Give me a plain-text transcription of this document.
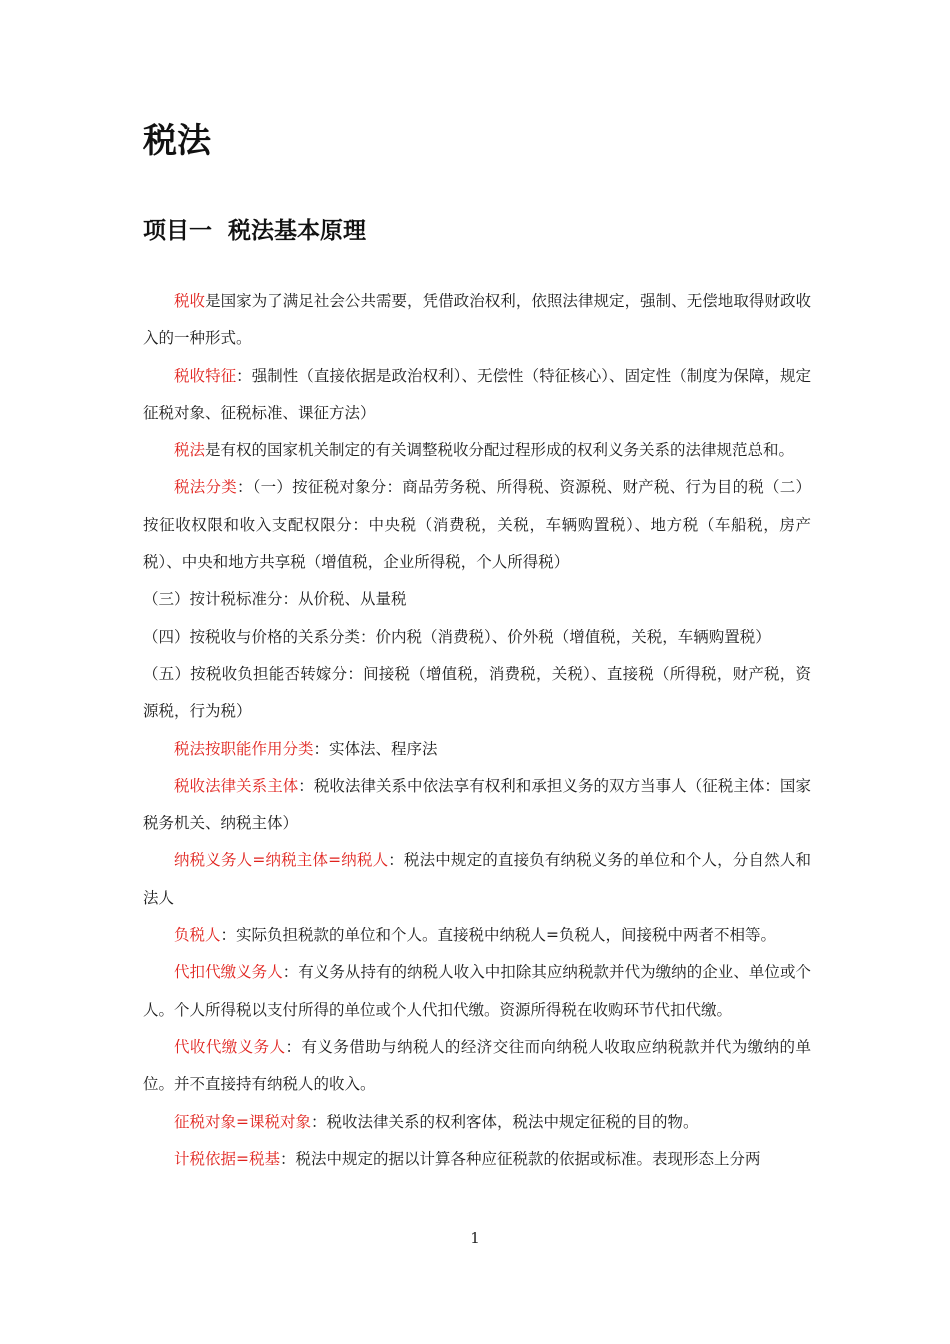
税法
项目一  税法基本原理

税收是国家为了满足社会公共需要，凭借政治权利，依照法律规定，强制、无偿地取得财政收入的一种形式。

税收特征：强制性（直接依据是政治权利）、无偿性（特征核心）、固定性（制度为保障，规定征税对象、征税标准、课征方法）

税法是有权的国家机关制定的有关调整税收分配过程形成的权利义务关系的法律规范总和。

税法分类：（一）按征税对象分：商品劳务税、所得税、资源税、财产税、行为目的税（二）按征收权限和收入支配权限分：中央税（消费税，关税，车辆购置税）、地方税（车船税，房产税）、中央和地方共享税（增值税，企业所得税，个人所得税）

（三）按计税标准分：从价税、从量税

（四）按税收与价格的关系分类：价内税（消费税）、价外税（增值税，关税，车辆购置税）

（五）按税收负担能否转嫁分：间接税（增值税，消费税，关税）、直接税（所得税，财产税，资源税，行为税）

税法按职能作用分类：实体法、程序法

税收法律关系主体：税收法律关系中依法享有权利和承担义务的双方当事人（征税主体：国家税务机关、纳税主体）

纳税义务人=纳税主体=纳税人：税法中规定的直接负有纳税义务的单位和个人，分自然人和法人

负税人：实际负担税款的单位和个人。直接税中纳税人=负税人，间接税中两者不相等。

代扣代缴义务人：有义务从持有的纳税人收入中扣除其应纳税款并代为缴纳的企业、单位或个人。个人所得税以支付所得的单位或个人代扣代缴。资源所得税在收购环节代扣代缴。

代收代缴义务人：有义务借助与纳税人的经济交往而向纳税人收取应纳税款并代为缴纳的单位。并不直接持有纳税人的收入。

征税对象=课税对象：税收法律关系的权利客体，税法中规定征税的目的物。

计税依据=税基：税法中规定的据以计算各种应征税款的依据或标准。表现形态上分两

1
